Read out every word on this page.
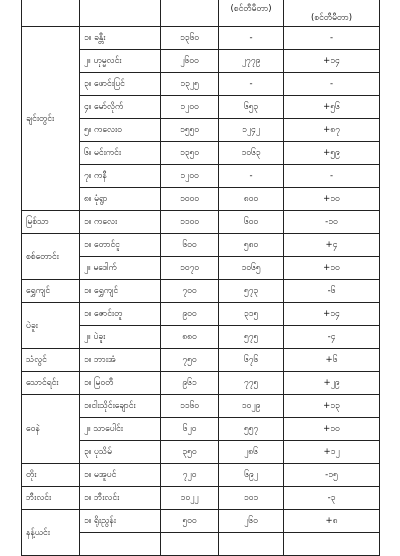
			(စင်တီမီတာ)	(စင်တီမီတာ)
ချင်းတွင်း	၁။ ခန္တီး	၁၃၆၀	-	-
	၂။ ဟုမ္မလင်း	၂၆၀၀	၂၇၇၉	+၁၄
	၃။ ဖောင်းပြင်	၁၃၂၅	-	-
	၄။ မော်လိုက်	၁၂၀၀	၆၅၃	+၅၆
	၅။ ကလေးဝ	၁၅၅၀	၁၂၄၂	+၈၇
	၆။ မင်းကင်း	၁၃၅၀	၁၀၆၃	+၅၉
	၇။ ကနီ	၁၂၀၀	-	-
	၈။ မုံရွာ	၁၀၀၀	၈၀၀	+၁၀
မြစ်သာ	၁။ ကလေး	၁၁၀၀	၆၀၀	-၁၀
စစ်တောင်း	၁။ တောင်ငူ	၆၀၀	၅၈၀	+၄
	၂။ မဒေါက်	၁၀၇၀	၁၀၆၅	+၁၀
ရွှေကျင်	၁။ ရွှေကျင်	၇၀၀	၅၇၃	-၆
ပဲခူး	၁။ ဇောင်းတူ	၉၀၀	၃၁၅	+၁၄
	၂။ ပဲခူး	၈၈၀	၅၇၅	-၄
သံလွင်	၁။ ဘားအံ	၇၅၀	၆၇၆	+၆
သောင်ရင်း	၁။ မြဝတီ	၉၆၁	၇၇၅	+၂၉
ဝေနဲ	၁။ငါးသိုင်းချောင်း	၁၁၆၀	၁၀၂၉	+၁၃
	၂။ သာပေါင်း	၆၂၀	၅၅၇	+၁၀
	၃။ ပုသိမ်	၃၅၀	၂၈၆	+၁၂
တိုး	၁။ မအူပင်	၇၂၀	၆၉၂	-၁၅
ဘီးလင်း	၁။ ဘီးလင်း	၁၀၂၂	၁၀၁	-၃
နန့်ယင်း	၁။ ရိုးညွန်း	၅၀၀	၂၆၀	+၈
